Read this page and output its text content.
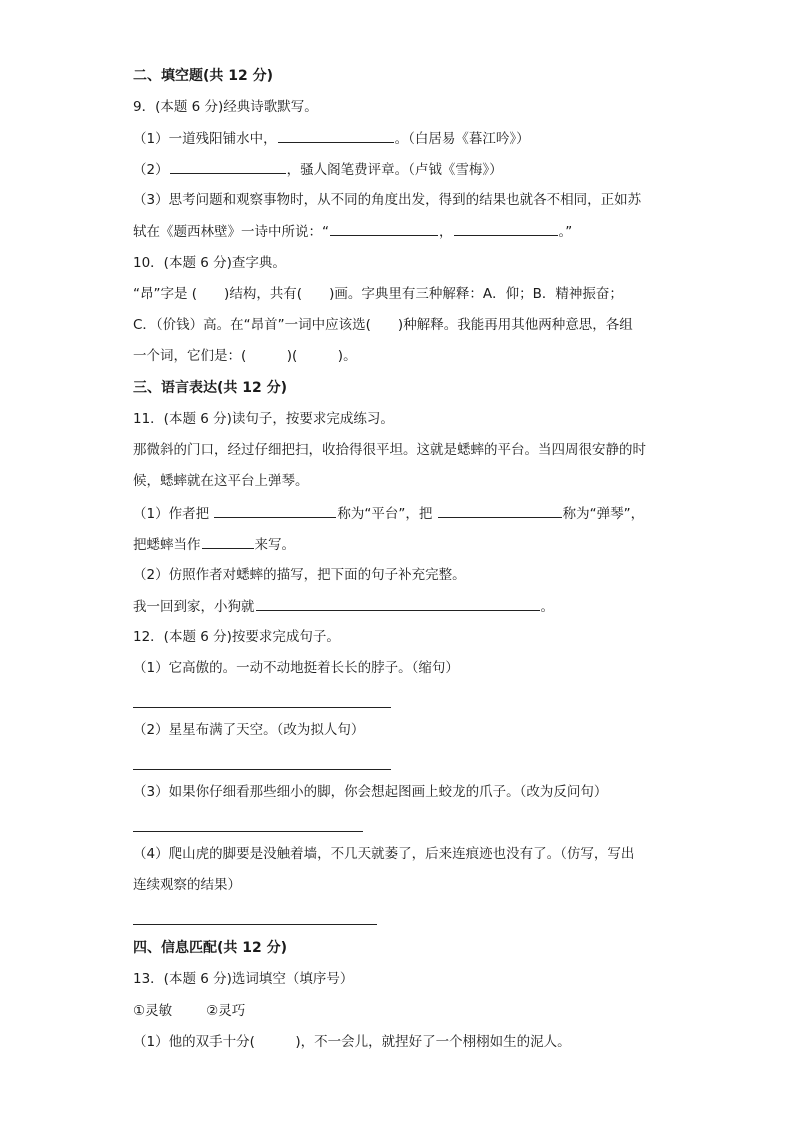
二、填空题(共 12 分)
9．(本题 6 分)经典诗歌默写。
（1）一道残阳铺水中，	。（白居易《暮江吟》）
（2）	，骚人阁笔费评章。（卢钺《雪梅》）
（3）思考问题和观察事物时，从不同的角度出发，得到的结果也就各不相同，正如苏
轼在《题西林壁》一诗中所说：“	，	。”
10．(本题 6 分)查字典。
“昂”字是 (　　)结构，共有(　　)画。字典里有三种解释：A．仰；B．精神振奋；
C．（价钱）高。在“昂首”一词中应该选(　　)种解释。我能再用其他两种意思，各组
一个词，它们是：(　　　)(　　　)。
三、语言表达(共 12 分)
11．(本题 6 分)读句子，按要求完成练习。
那微斜的门口，经过仔细把扫，收拾得很平坦。这就是蟋蟀的平台。当四周很安静的时
候，蟋蟀就在这平台上弹琴。
（1）作者把	称为“平台”，把	称为“弹琴”，
把蟋蟀当作	来写。
（2）仿照作者对蟋蟀的描写，把下面的句子补充完整。
我一回到家，小狗就	。
12．(本题 6 分)按要求完成句子。
（1）它高傲的。一动不动地挺着长长的脖子。（缩句）
（2）星星布满了天空。（改为拟人句）
（3）如果你仔细看那些细小的脚，你会想起图画上蛟龙的爪子。（改为反问句）
（4）爬山虎的脚要是没触着墙，不几天就萎了，后来连痕迹也没有了。（仿写，写出
连续观察的结果）
四、信息匹配(共 12 分)
13．(本题 6 分)选词填空（填序号）
①灵敏	②灵巧
（1）他的双手十分(　　　)，不一会儿，就捏好了一个栩栩如生的泥人。
